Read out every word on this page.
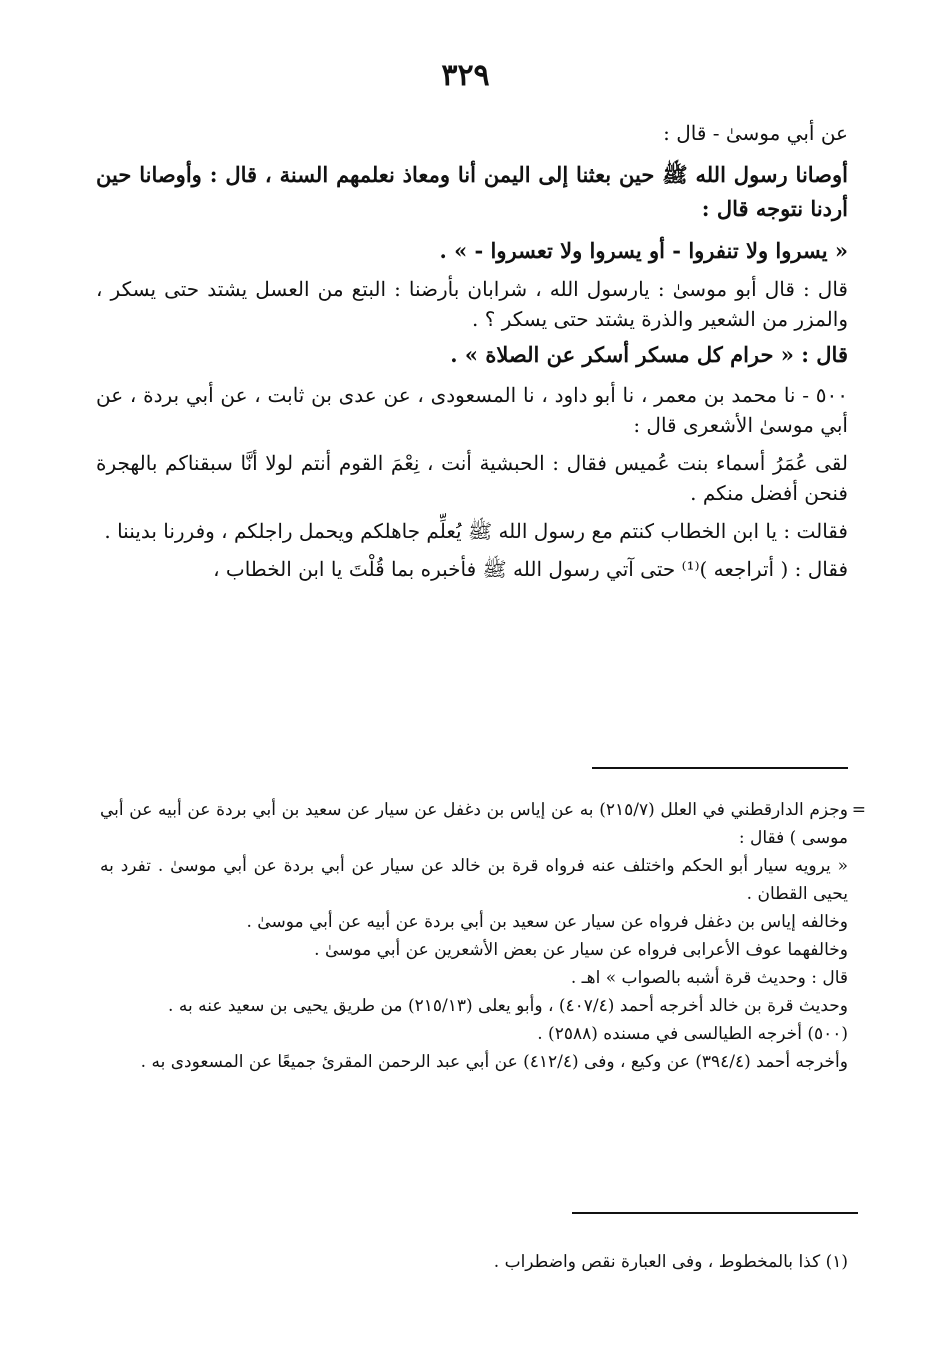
٣٢٩

عن أبي موسىٰ - قال :

أوصانا رسول الله ﷺ حين بعثنا إلى اليمن أنا ومعاذ نعلمهم السنة ، قال : وأوصانا حين أردنا نتوجه قال :

« يسروا ولا تنفروا - أو يسروا ولا تعسروا - » .

قال : قال أبو موسىٰ : يارسول الله ، شرابان بأرضنا : البتع من العسل يشتد حتى يسكر ، والمزر من الشعير والذرة يشتد حتى يسكر ؟ .

قال : « حرام كل مسكر أسكر عن الصلاة » .

٥٠٠ - نا محمد بن معمر ، نا أبو داود ، نا المسعودى ، عن عدى بن ثابت ، عن أبي بردة ، عن أبي موسىٰ الأشعرى قال :

لقى عُمَرُ أسماء بنت عُميس فقال : الحبشية أنت ، نِعْمَ القوم أنتم لولا أنَّا سبقناكم بالهجرة فنحن أفضل منكم .

فقالت : يا ابن الخطاب كنتم مع رسول الله ﷺ يُعلِّم جاهلكم ويحمل راجلكم ، وفررنا بديننا .

فقال : ( أتراجعه )⁽¹⁾ حتى آتي رسول الله ﷺ فأخبره بما قُلْتَ يا ابن الخطاب ،

=

وجزم الدارقطني في العلل (٢١٥/٧) به عن إياس بن دغفل عن سيار عن سعيد بن أبي بردة عن أبيه عن أبي موسى ) فقال :

« يرويه سيار أبو الحكم واختلف عنه فرواه قرة بن خالد عن سيار عن أبي بردة عن أبي موسىٰ . تفرد به يحيى القطان .

وخالفه إياس بن دغفل فرواه عن سيار عن سعيد بن أبي بردة عن أبيه عن أبي موسىٰ .

وخالفهما عوف الأعرابى فرواه عن سيار عن بعض الأشعرين عن أبي موسىٰ .

قال : وحديث قرة أشبه بالصواب » اهـ .

وحديث قرة بن خالد أخرجه أحمد (٤٠٧/٤) ، وأبو يعلى (٢١٥/١٣) من طريق يحيى بن سعيد عنه به .

(٥٠٠) أخرجه الطيالسى في مسنده (٢٥٨٨) .

وأخرجه أحمد (٣٩٤/٤) عن وكيع ، وفى (٤١٢/٤) عن أبي عبد الرحمن المقرئ جميعًا عن المسعودى به .

(١) كذا بالمخطوط ، وفى العبارة نقص واضطراب .
